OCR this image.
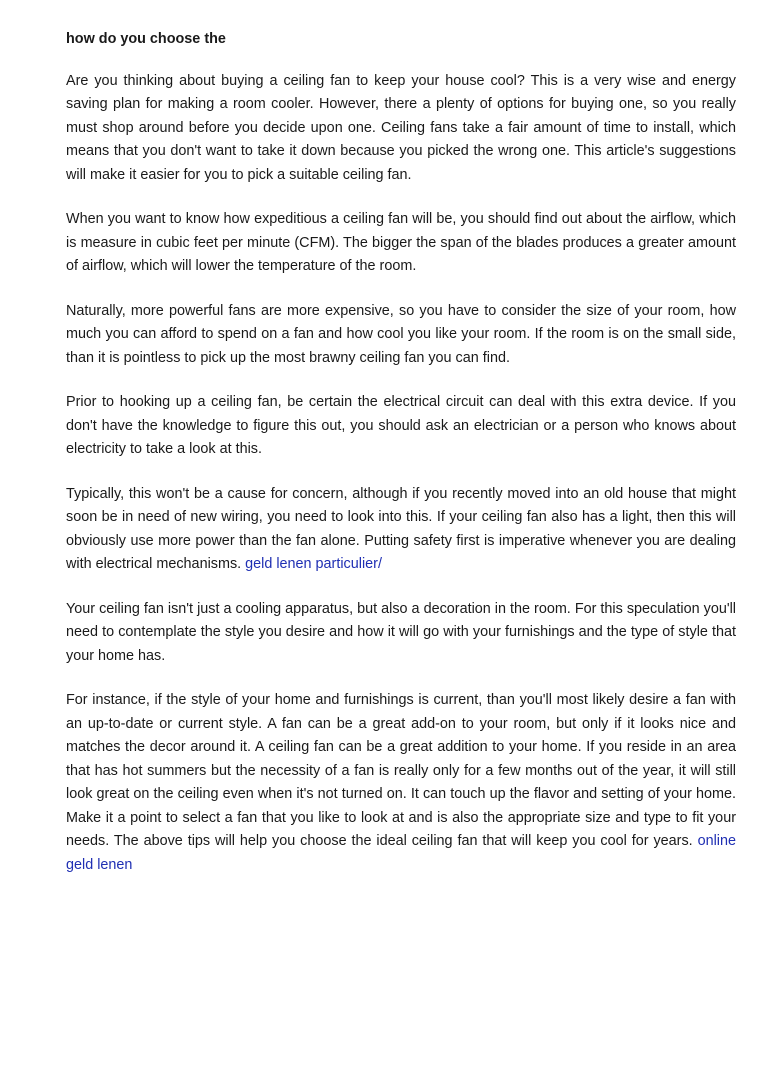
how do you choose the

Are you thinking about buying a ceiling fan to keep your house cool? This is a very wise and energy saving plan for making a room cooler. However, there a plenty of options for buying one, so you really must shop around before you decide upon one. Ceiling fans take a fair amount of time to install, which means that you don't want to take it down because you picked the wrong one. This article's suggestions will make it easier for you to pick a suitable ceiling fan.

When you want to know how expeditious a ceiling fan will be, you should find out about the airflow, which is measure in cubic feet per minute (CFM). The bigger the span of the blades produces a greater amount of airflow, which will lower the temperature of the room.

Naturally, more powerful fans are more expensive, so you have to consider the size of your room, how much you can afford to spend on a fan and how cool you like your room. If the room is on the small side, than it is pointless to pick up the most brawny ceiling fan you can find.

Prior to hooking up a ceiling fan, be certain the electrical circuit can deal with this extra device. If you don't have the knowledge to figure this out, you should ask an electrician or a person who knows about electricity to take a look at this.

Typically, this won't be a cause for concern, although if you recently moved into an old house that might soon be in need of new wiring, you need to look into this. If your ceiling fan also has a light, then this will obviously use more power than the fan alone. Putting safety first is imperative whenever you are dealing with electrical mechanisms. geld lenen particulier/

Your ceiling fan isn't just a cooling apparatus, but also a decoration in the room. For this speculation you'll need to contemplate the style you desire and how it will go with your furnishings and the type of style that your home has.

For instance, if the style of your home and furnishings is current, than you'll most likely desire a fan with an up-to-date or current style. A fan can be a great add-on to your room, but only if it looks nice and matches the decor around it. A ceiling fan can be a great addition to your home. If you reside in an area that has hot summers but the necessity of a fan is really only for a few months out of the year, it will still look great on the ceiling even when it's not turned on. It can touch up the flavor and setting of your home. Make it a point to select a fan that you like to look at and is also the appropriate size and type to fit your needs. The above tips will help you choose the ideal ceiling fan that will keep you cool for years. online geld lenen
